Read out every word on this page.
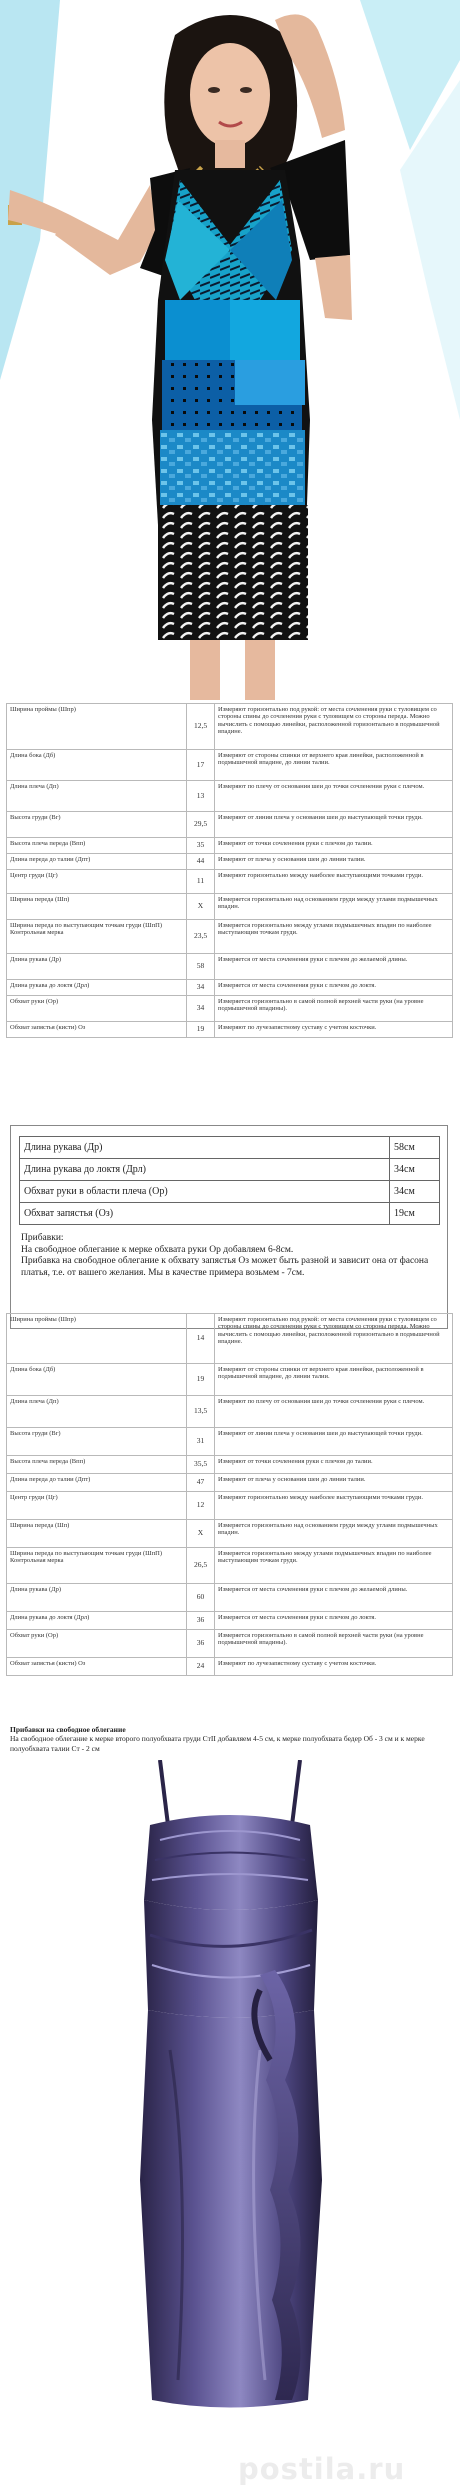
Ширина проймы (Шпр)	12,5	Измеряют горизонтально под рукой: от места сочленения руки с туловищем со стороны спины до сочленения руки с туловищем со стороны переда. Можно вычислить с помощью линейки, расположенной горизонтально в подмышечной впадине.
Длина бока (Дб)	17	Измеряют от стороны спинки от верхнего края линейки, расположенной в подмышечной впадине, до линии талии.
Длина плеча (Дп)	13	Измеряют по плечу от основания шеи до точки сочленения руки с плечом.
Высота груди (Вг)	29,5	Измеряют от линии плеча у основания шеи до выступающей точки груди.
Высота плеча переда (Впп)	35	Измеряют от точки сочленения руки с плечом до талии.
Длина переда до талии (Дпт)	44	Измеряют от плеча у основания шеи до линии талии.
Центр груди (Цг)	11	Измеряют горизонтально между наиболее выступающими точками груди.
Ширина переда (Шп)	Х	Измеряется горизонтально над основанием груди между углами подмышечных впадин.
Ширина переда по выступающим точкам груди (ШпП) Контрольная мерка	23,5	Измеряется горизонтально между углами подмышечных впадин по наиболее выступающим точкам груди.
Длина рукава (Др)	58	Измеряется от места сочленения руки с плечом до желаемой длины.
Длина рукава до локтя (Дрл)	34	Измеряется от места сочленения руки с плечом до локтя.
Обхват руки (Ор)	34	Измеряется горизонтально в самой полной верхней части руки (на уровне подмышечной впадины).
Обхват запястья (кисти) Оз	19	Измеряют по лучезапястному суставу с учетом косточки.
Длина рукава (Др)	58см
Длина рукава до локтя (Дрл)	34см
Обхват руки в области плеча (Ор)	34см
Обхват запястья (Оз)	19см

Прибавки:

На свободное облегание к мерке обхвата руки Ор добавляем 6-8см.

Прибавка на свободное облегание к обхвату запястья Оз может быть разной и зависит она от фасона платья, т.е. от вашего желания. Мы в качестве примера возьмем - 7см.

Ширина проймы (Шпр)	14	Измеряют горизонтально под рукой: от места сочленения руки с туловищем со стороны спины до сочленения руки с туловищем со стороны переда. Можно вычислить с помощью линейки, расположенной горизонтально в подмышечной впадине.
Длина бока (Дб)	19	Измеряют от стороны спинки от верхнего края линейки, расположенной в подмышечной впадине, до линии талии.
Длина плеча (Дп)	13,5	Измеряют по плечу от основания шеи до точки сочленения руки с плечом.
Высота груди (Вг)	31	Измеряют от линии плеча у основания шеи до выступающей точки груди.
Высота плеча переда (Впп)	35,5	Измеряют от точки сочленения руки с плечом до талии.
Длина переда до талии (Дпт)	47	Измеряют от плеча у основания шеи до линии талии.
Центр груди (Цг)	12	Измеряют горизонтально между наиболее выступающими точками груди.
Ширина переда (Шп)	Х	Измеряется горизонтально над основанием груди между углами подмышечных впадин.
Ширина переда по выступающим точкам груди (ШпП) Контрольная мерка	26,5	Измеряется горизонтально между углами подмышечных впадин по наиболее выступающим точкам груди.
Длина рукава (Др)	60	Измеряется от места сочленения руки с плечом до желаемой длины.
Длина рукава до локтя (Дрл)	36	Измеряется от места сочленения руки с плечом до локтя.
Обхват руки (Ор)	36	Измеряется горизонтально в самой полной верхней части руки (на уровне подмышечной впадины).
Обхват запястья (кисти) Оз	24	Измеряют по лучезапястному суставу с учетом косточки.
Прибавки на свободное облегание
На свободное облегание к мерке второго полуобхвата груди СтII добавляем 4-5 см, к мерке полуобхвата бедер Об - 3 см и к мерке полуобхвата талии Ст - 2 см
postila.ru
